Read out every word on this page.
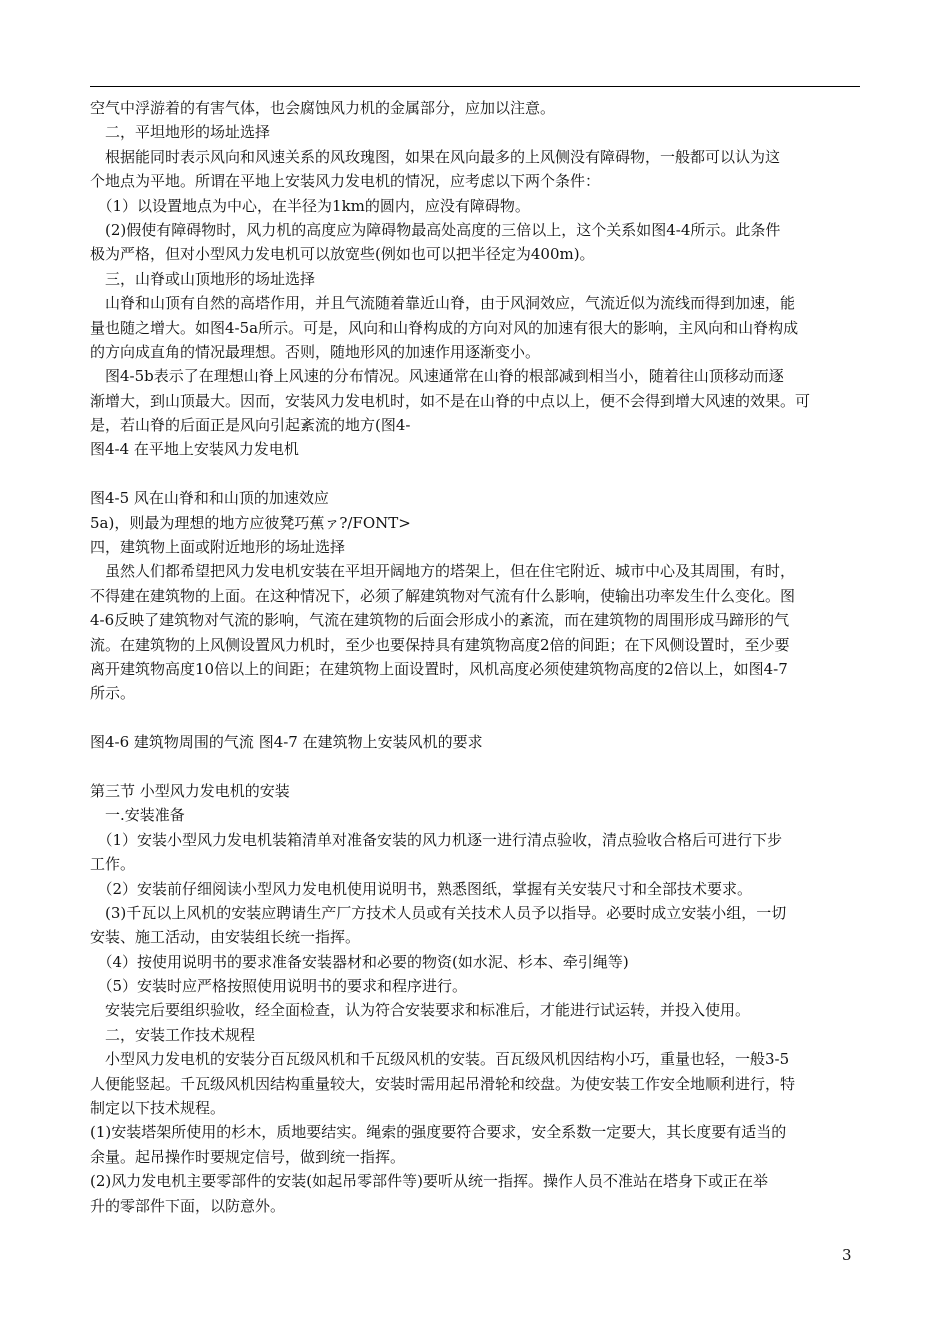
空气中浮游着的有害气体，也会腐蚀风力机的金属部分，应加以注意。
　二，平坦地形的场址选择
　根据能同时表示风向和风速关系的风玫瑰图，如果在风向最多的上风侧没有障碍物，一般都可以认为这
个地点为平地。所谓在平地上安装风力发电机的情况，应考虑以下两个条件：
　（1）以设置地点为中心，在半径为1km的圆内，应没有障碍物。
　(2)假使有障碍物时，风力机的高度应为障碍物最高处高度的三倍以上，这个关系如图4-4所示。此条件
极为严格，但对小型风力发电机可以放宽些(例如也可以把半径定为400m)。
　三，山脊或山顶地形的场址选择
　山脊和山顶有自然的高塔作用，并且气流随着靠近山脊，由于风洞效应，气流近似为流线而得到加速，能
量也随之增大。如图4-5a所示。可是，风向和山脊构成的方向对风的加速有很大的影响，主风向和山脊构成
的方向成直角的情况最理想。否则，随地形风的加速作用逐渐变小。
　图4-5b表示了在理想山脊上风速的分布情况。风速通常在山脊的根部减到相当小，随着往山顶移动而逐
渐增大，到山顶最大。因而，安装风力发电机时，如不是在山脊的中点以上，便不会得到增大风速的效果。可
是，若山脊的后面正是风向引起紊流的地方(图4-
图4-4 在平地上安装风力发电机
图4-5 风在山脊和和山顶的加速效应
5a)，则最为理想的地方应彼凳巧蕉ァ?/FONT>
四，建筑物上面或附近地形的场址选择
　虽然人们都希望把风力发电机安装在平坦开阔地方的塔架上，但在住宅附近、城市中心及其周围，有时，
不得建在建筑物的上面。在这种情况下，必须了解建筑物对气流有什么影响，使输出功率发生什么变化。图
4-6反映了建筑物对气流的影响，气流在建筑物的后面会形成小的紊流，而在建筑物的周围形成马蹄形的气
流。在建筑物的上风侧设置风力机时，至少也要保持具有建筑物高度2倍的间距；在下风侧设置时，至少要
离开建筑物高度10倍以上的间距；在建筑物上面设置时，风机高度必须使建筑物高度的2倍以上，如图4-7
所示。
图4-6 建筑物周围的气流 图4-7 在建筑物上安装风机的要求
第三节 小型风力发电机的安装
　一.安装准备
　（1）安装小型风力发电机装箱清单对准备安装的风力机逐一进行清点验收，清点验收合格后可进行下步
工作。
　（2）安装前仔细阅读小型风力发电机使用说明书，熟悉图纸，掌握有关安装尺寸和全部技术要求。
　(3)千瓦以上风机的安装应聘请生产厂方技术人员或有关技术人员予以指导。必要时成立安装小组，一切
安装、施工活动，由安装组长统一指挥。
　（4）按使用说明书的要求准备安装器材和必要的物资(如水泥、杉本、牵引绳等)
　（5）安装时应严格按照使用说明书的要求和程序进行。
　安装完后要组织验收，经全面检查，认为符合安装要求和标准后，才能进行试运转，并投入使用。
　二，安装工作技术规程
　小型风力发电机的安装分百瓦级风机和千瓦级风机的安装。百瓦级风机因结构小巧，重量也轻，一般3-5
人便能竖起。千瓦级风机因结构重量较大，安装时需用起吊滑轮和绞盘。为使安装工作安全地顺利进行，特
制定以下技术规程。
(1)安装塔架所使用的杉木，质地要结实。绳索的强度要符合要求，安全系数一定要大，其长度要有适当的
余量。起吊操作时要规定信号，做到统一指挥。
(2)风力发电机主要零部件的安装(如起吊零部件等)要听从统一指挥。操作人员不准站在塔身下或正在举
升的零部件下面，以防意外。
3
